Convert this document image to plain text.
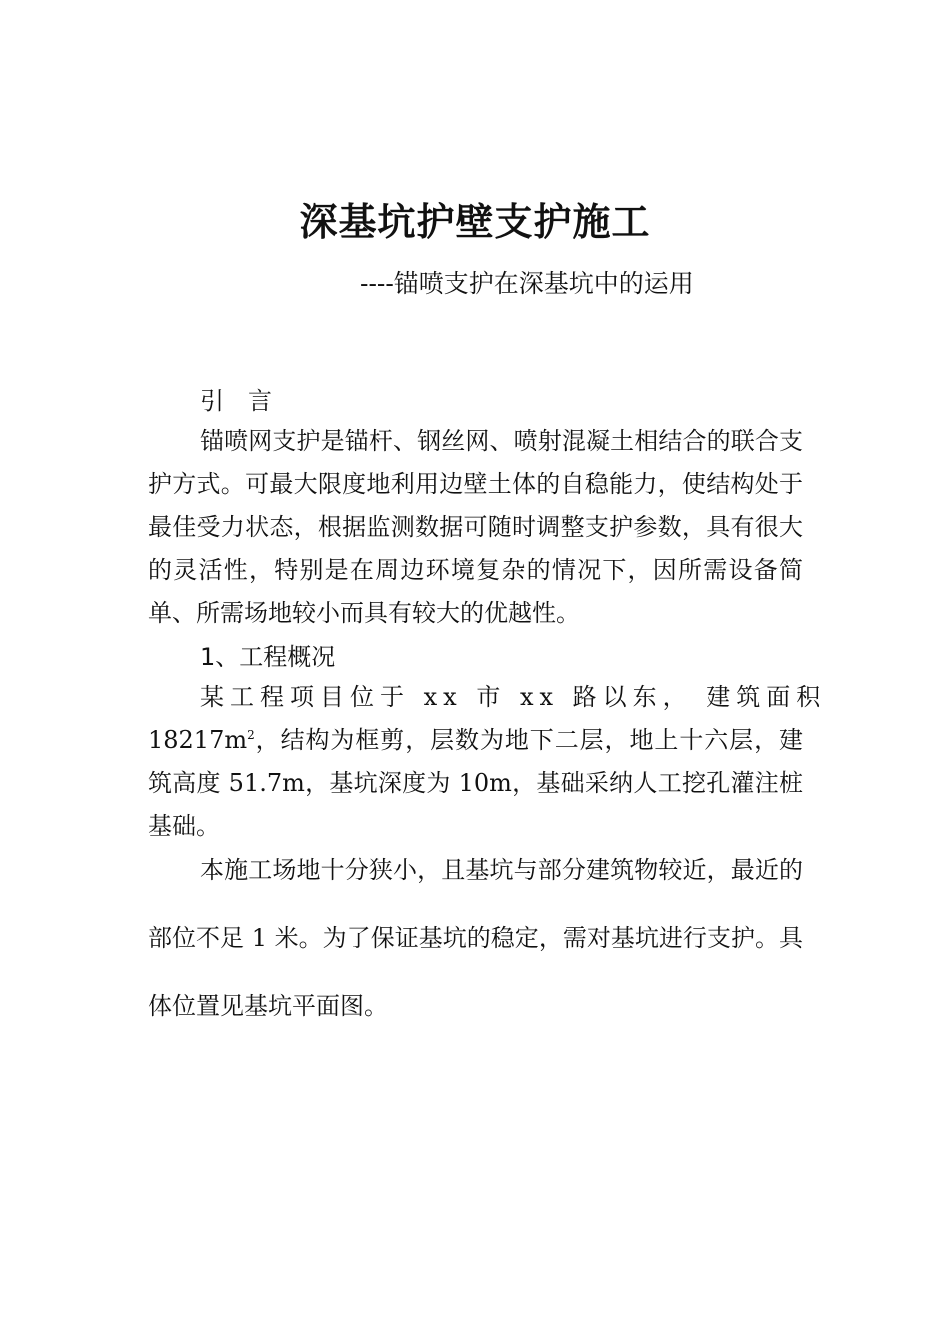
深基坑护壁支护施工
----锚喷支护在深基坑中的运用
引　言

锚喷网支护是锚杆、钢丝网、喷射混凝土相结合的联合支护方式。可最大限度地利用边壁土体的自稳能力，使结构处于最佳受力状态，根据监测数据可随时调整支护参数，具有很大的灵活性，特别是在周边环境复杂的情况下，因所需设备简单、所需场地较小而具有较大的优越性。

1、工程概况

某工程项目位于 xx 市 xx 路以东， 建筑面积

$18217m^2$，结构为框剪，层数为地下二层，地上十六层，建筑高度 51.7m，基坑深度为 10m，基础采纳人工挖孔灌注桩基础。

本施工场地十分狭小，且基坑与部分建筑物较近，最近的部位不足 1 米。为了保证基坑的稳定，需对基坑进行支护。具体位置见基坑平面图。
